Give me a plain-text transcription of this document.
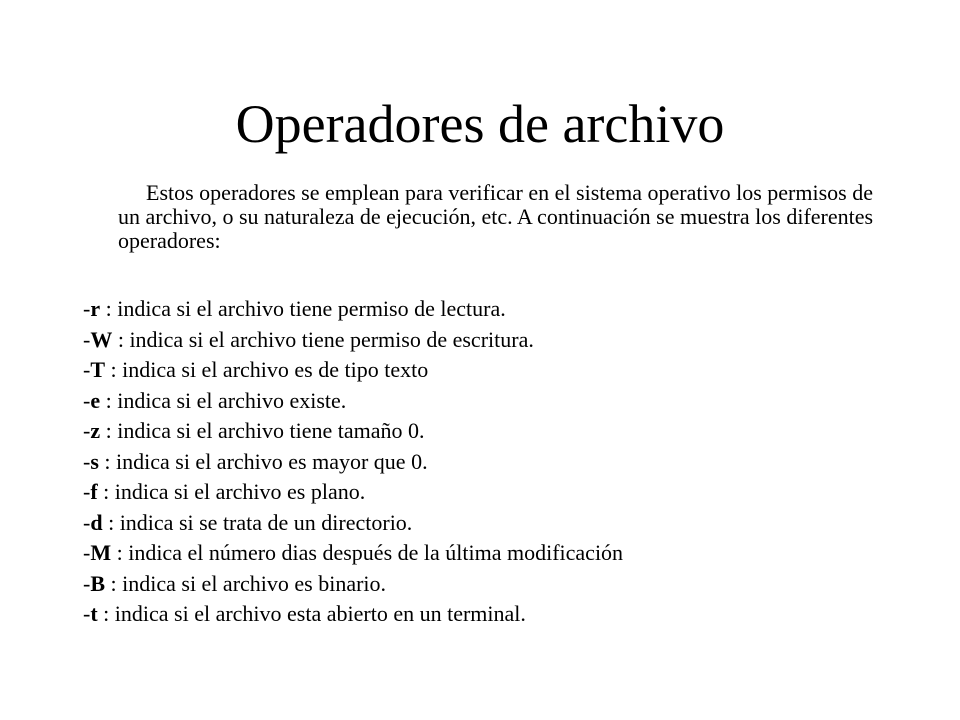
Operadores de archivo

Estos operadores se emplean para verificar en el sistema operativo los permisos de un archivo, o su naturaleza de ejecución, etc. A continuación se muestra los diferentes operadores:

-r : indica si el archivo tiene permiso de lectura.
-W : indica si el archivo tiene permiso de escritura.
-T : indica si el archivo es de tipo texto
-e : indica si el archivo existe.
-z : indica si el archivo tiene tamaño 0.
-s : indica si el archivo es mayor que 0.
-f : indica si el archivo es plano.
-d : indica si se trata de un directorio.
-M : indica el número dias después de la última modificación
-B : indica si el archivo es binario.
-t : indica si el archivo esta abierto en un terminal.
